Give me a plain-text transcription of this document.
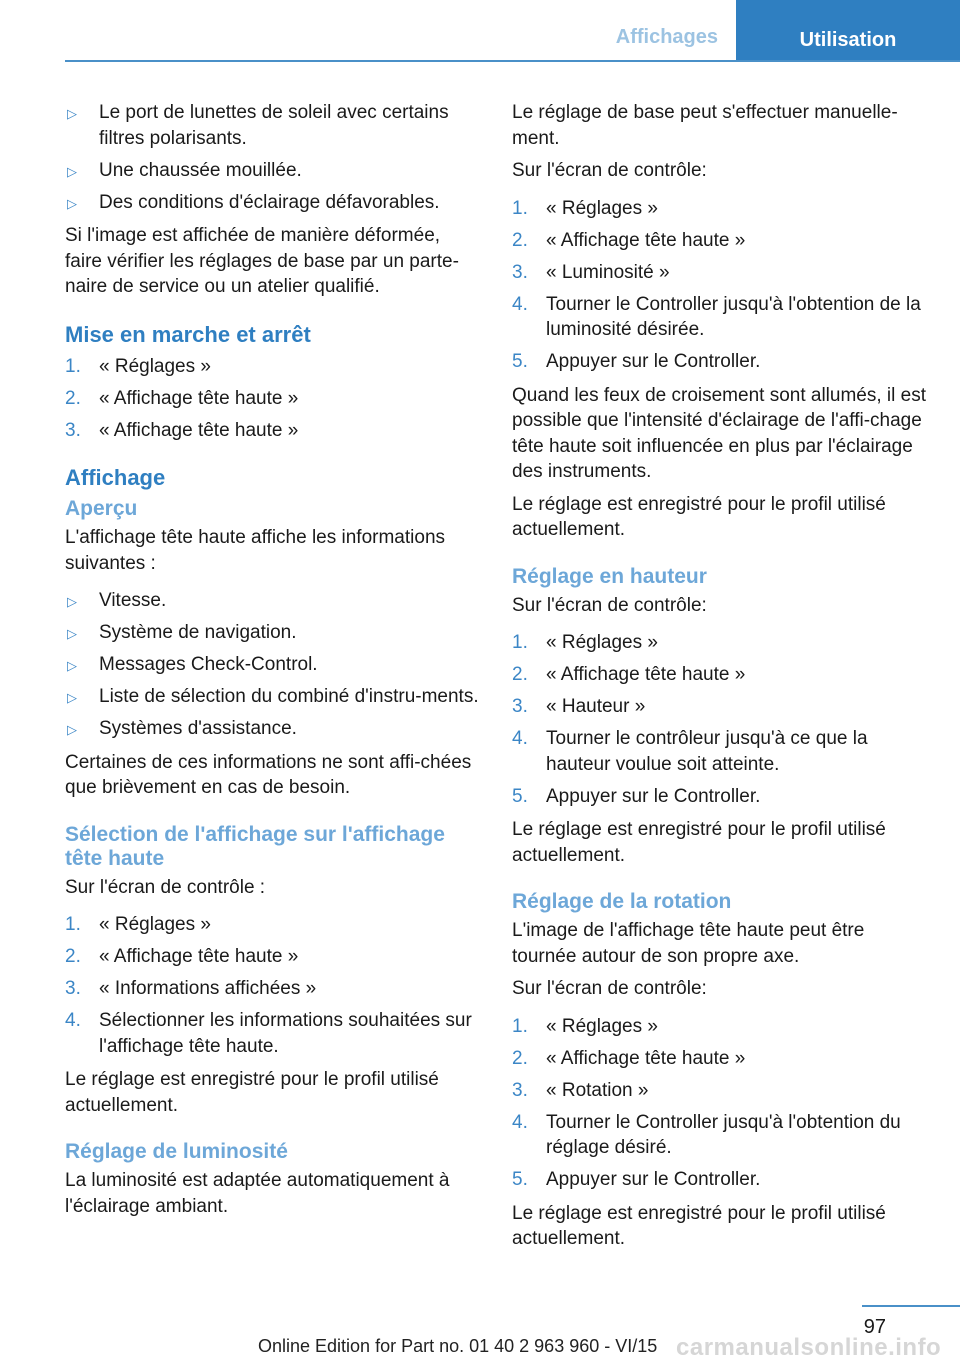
Affichages	Utilisation
▷ Le port de lunettes de soleil avec certains filtres polarisants.
▷ Une chaussée mouillée.
▷ Des conditions d'éclairage défavorables.

Si l'image est affichée de manière déformée, faire vérifier les réglages de base par un parte-naire de service ou un atelier qualifié.

Mise en marche et arrêt
1. « Réglages »
2. « Affichage tête haute »
3. « Affichage tête haute »
Affichage
Aperçu

L'affichage tête haute affiche les informations suivantes :

▷ Vitesse.
▷ Système de navigation.
▷ Messages Check-Control.
▷ Liste de sélection du combiné d'instru-ments.
▷ Systèmes d'assistance.

Certaines de ces informations ne sont affi-chées que brièvement en cas de besoin.

Sélection de l'affichage sur l'affichage tête haute

Sur l'écran de contrôle :

1. « Réglages »
2. « Affichage tête haute »
3. « Informations affichées »
4. Sélectionner les informations souhaitées sur l'affichage tête haute.

Le réglage est enregistré pour le profil utilisé actuellement.

Réglage de luminosité

La luminosité est adaptée automatiquement à l'éclairage ambiant.

Le réglage de base peut s'effectuer manuelle-ment.

Sur l'écran de contrôle:

1. « Réglages »
2. « Affichage tête haute »
3. « Luminosité »
4. Tourner le Controller jusqu'à l'obtention de la luminosité désirée.
5. Appuyer sur le Controller.

Quand les feux de croisement sont allumés, il est possible que l'intensité d'éclairage de l'affi-chage tête haute soit influencée en plus par l'éclairage des instruments.

Le réglage est enregistré pour le profil utilisé actuellement.

Réglage en hauteur

Sur l'écran de contrôle:

1. « Réglages »
2. « Affichage tête haute »
3. « Hauteur »
4. Tourner le contrôleur jusqu'à ce que la hauteur voulue soit atteinte.
5. Appuyer sur le Controller.

Le réglage est enregistré pour le profil utilisé actuellement.

Réglage de la rotation

L'image de l'affichage tête haute peut être tournée autour de son propre axe.

Sur l'écran de contrôle:

1. « Réglages »
2. « Affichage tête haute »
3. « Rotation »
4. Tourner le Controller jusqu'à l'obtention du réglage désiré.
5. Appuyer sur le Controller.

Le réglage est enregistré pour le profil utilisé actuellement.

97
Online Edition for Part no. 01 40 2 963 960 - VI/15 carmanualsonline.info
